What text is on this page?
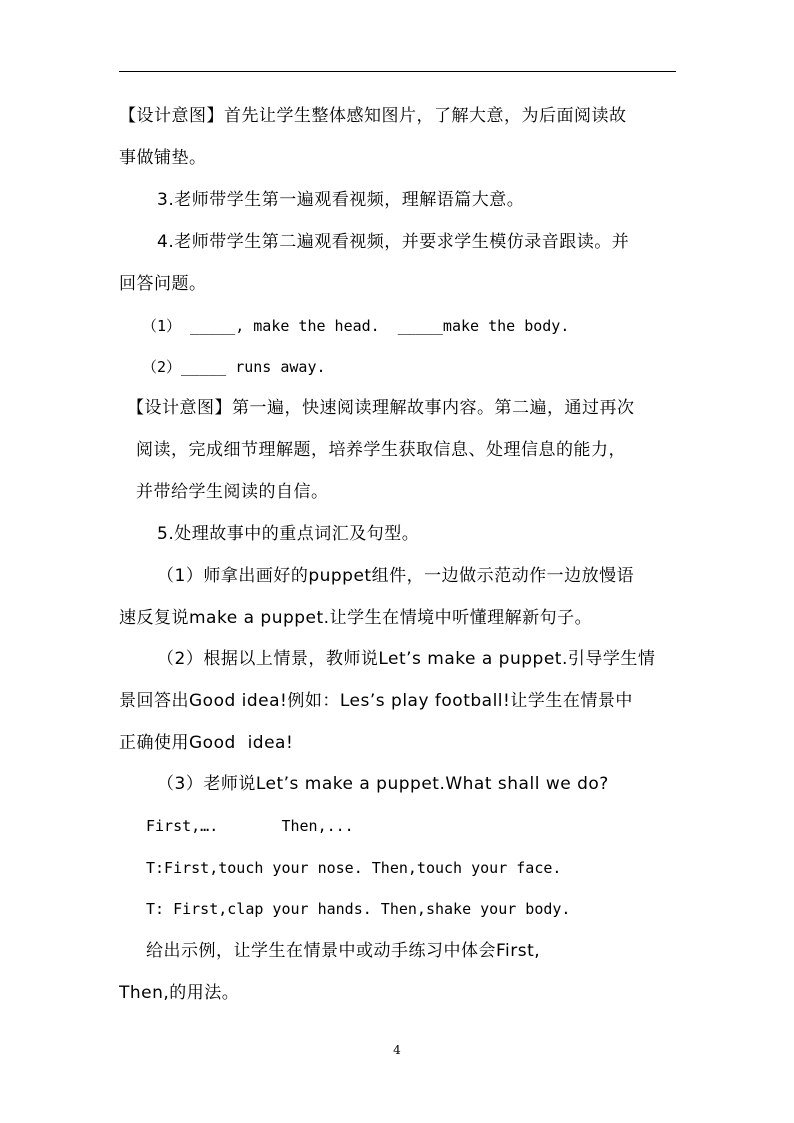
【设计意图】首先让学生整体感知图片，了解大意，为后面阅读故
事做铺垫。
3.老师带学生第一遍观看视频，理解语篇大意。
4.老师带学生第二遍观看视频，并要求学生模仿录音跟读。并
回答问题。
（1） _____, make the head.  _____make the body.
（2）_____ runs away.
【设计意图】第一遍，快速阅读理解故事内容。第二遍，通过再次
阅读，完成细节理解题，培养学生获取信息、处理信息的能力，
并带给学生阅读的自信。
5.处理故事中的重点词汇及句型。
（1）师拿出画好的puppet组件，一边做示范动作一边放慢语
速反复说make a puppet.让学生在情境中听懂理解新句子。
（2）根据以上情景，教师说Let’s make a puppet.引导学生情
景回答出Good idea!例如：Les’s play football!让学生在情景中
正确使用Good  idea!
（3）老师说Let’s make a puppet.What shall we do?
First,….       Then,...
T:First,touch your nose. Then,touch your face.
T: First,clap your hands. Then,shake your body.
给出示例，让学生在情景中或动手练习中体会First,
Then,的用法。
4
